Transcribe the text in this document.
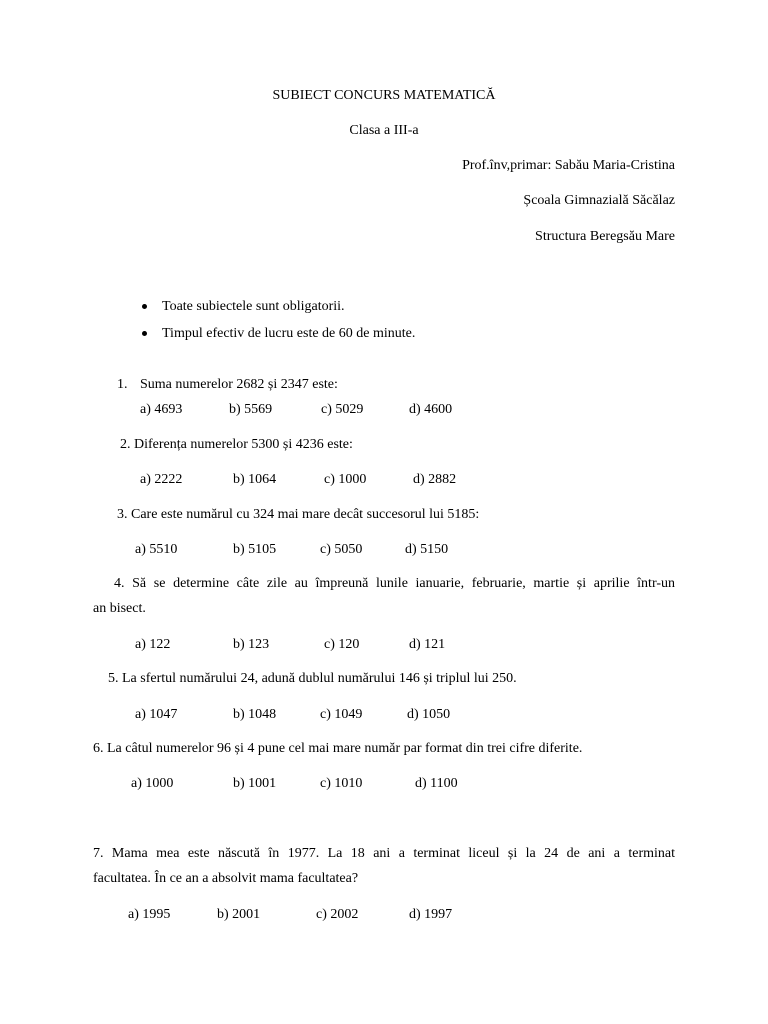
SUBIECT CONCURS MATEMATICĂ
Clasa a III-a
Prof.înv,primar: Sabău Maria-Cristina
Școala Gimnazială Săcălaz
Structura Beregsău Mare
Toate subiectele sunt obligatorii.
Timpul efectiv de lucru este de 60 de minute.
1. Suma numerelor 2682 și 2347 este:
a) 4693	b) 5569	c) 5029	d) 4600
2. Diferența numerelor 5300 și 4236 este:
a) 2222	b) 1064	c) 1000	d) 2882
3. Care este numărul cu 324 mai mare decât succesorul lui 5185:
a) 5510	b) 5105	c) 5050	d) 5150
4. Să se determine câte zile au împreună lunile ianuarie, februarie, martie și aprilie într-un
an bisect.
a) 122	b) 123	c) 120	d) 121
5. La sfertul numărului 24, adună dublul numărului 146 și triplul lui 250.
a) 1047	b) 1048	c) 1049	d) 1050
6. La câtul numerelor 96 și 4 pune cel mai mare număr par format din trei cifre diferite.
a) 1000	b) 1001	c) 1010	d) 1100
7. Mama mea este născută în 1977. La 18 ani a terminat liceul și la 24 de ani a terminat
facultatea. În ce an a absolvit mama facultatea?
a) 1995	b) 2001	c) 2002	d) 1997
